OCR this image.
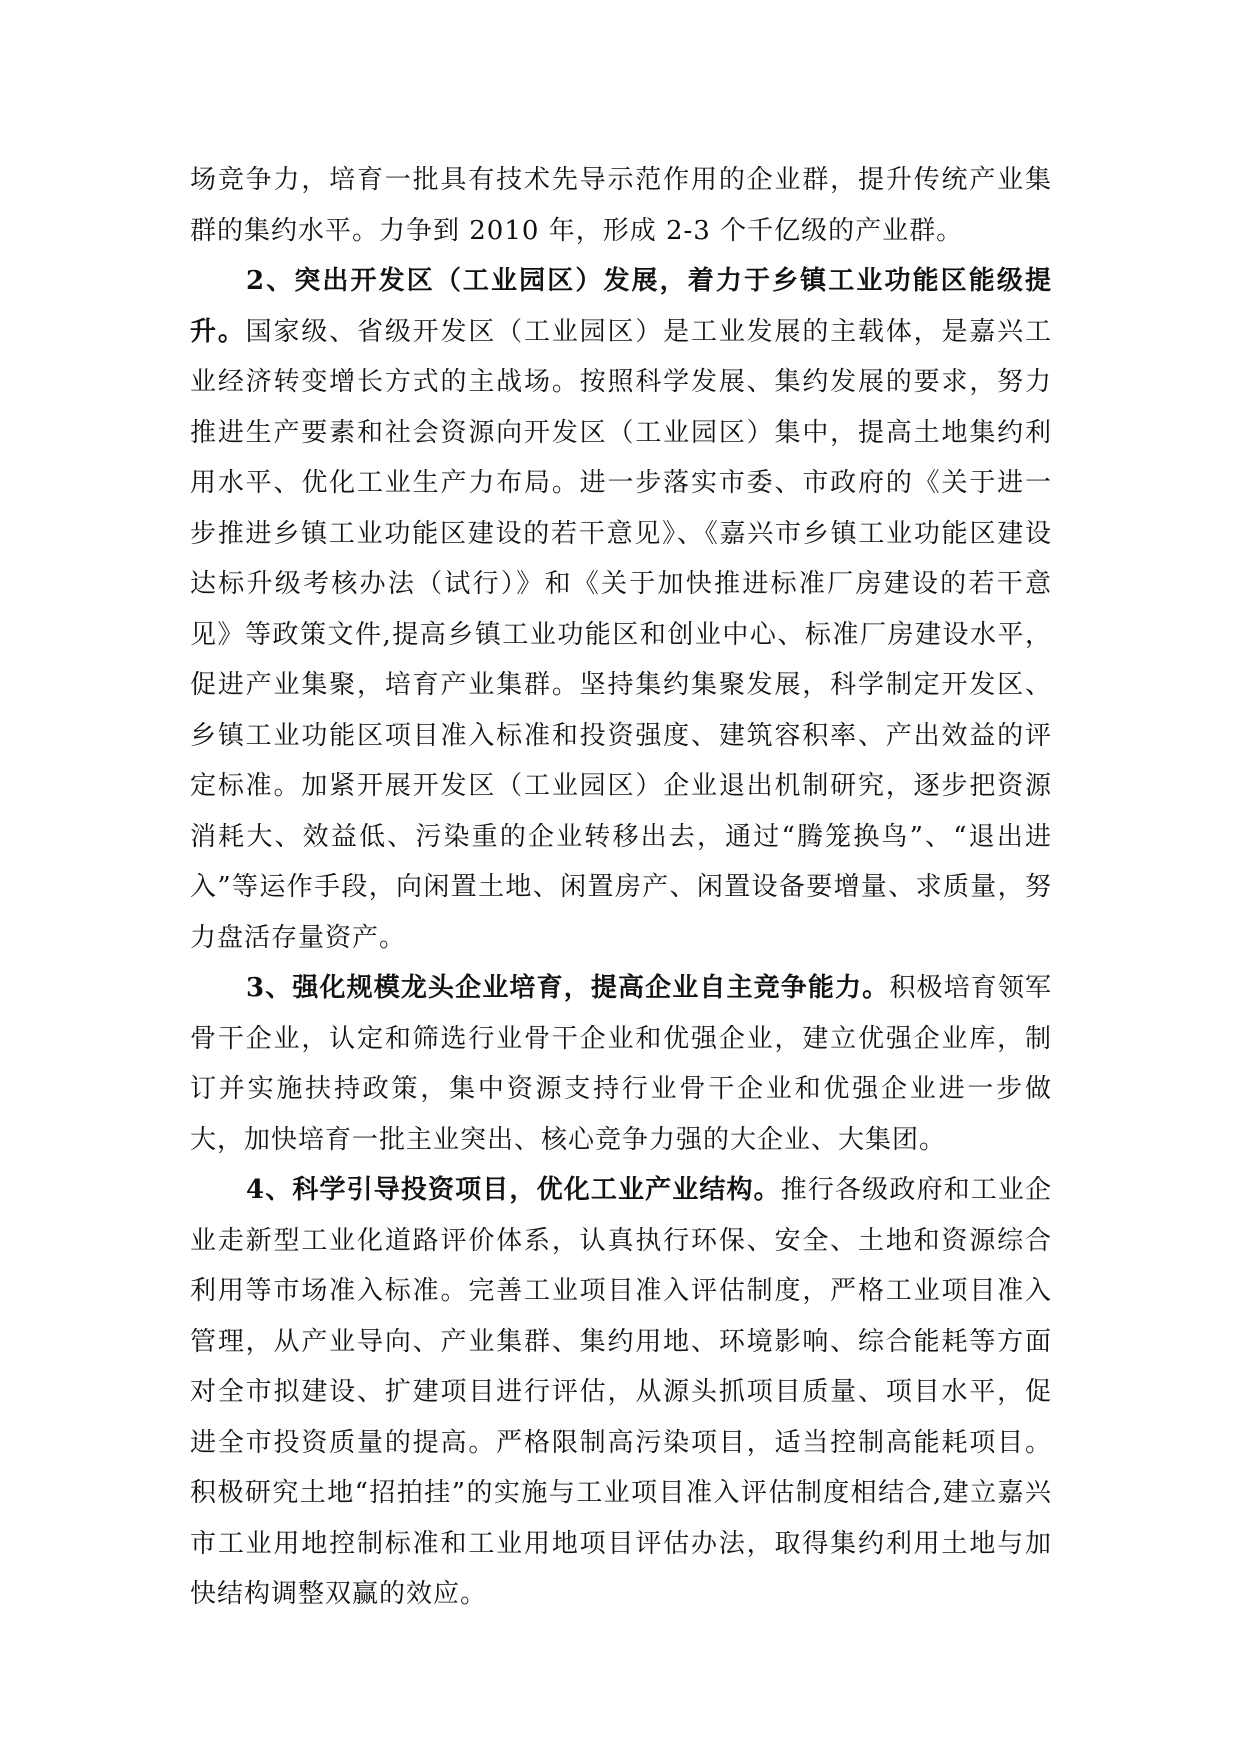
场竞争力，培育一批具有技术先导示范作用的企业群，提升传统产业集群的集约水平。力争到 2010 年，形成 2-3 个千亿级的产业群。

2、突出开发区（工业园区）发展，着力于乡镇工业功能区能级提升。国家级、省级开发区（工业园区）是工业发展的主载体，是嘉兴工业经济转变增长方式的主战场。按照科学发展、集约发展的要求，努力推进生产要素和社会资源向开发区（工业园区）集中，提高土地集约利用水平、优化工业生产力布局。进一步落实市委、市政府的《关于进一步推进乡镇工业功能区建设的若干意见》、《嘉兴市乡镇工业功能区建设达标升级考核办法（试行）》和《关于加快推进标准厂房建设的若干意见》等政策文件,提高乡镇工业功能区和创业中心、标准厂房建设水平，促进产业集聚，培育产业集群。坚持集约集聚发展，科学制定开发区、乡镇工业功能区项目准入标准和投资强度、建筑容积率、产出效益的评定标准。加紧开展开发区（工业园区）企业退出机制研究，逐步把资源消耗大、效益低、污染重的企业转移出去，通过“腾笼换鸟”、“退出进入”等运作手段，向闲置土地、闲置房产、闲置设备要增量、求质量，努力盘活存量资产。

3、强化规模龙头企业培育，提高企业自主竞争能力。积极培育领军骨干企业，认定和筛选行业骨干企业和优强企业，建立优强企业库，制订并实施扶持政策，集中资源支持行业骨干企业和优强企业进一步做大，加快培育一批主业突出、核心竞争力强的大企业、大集团。

4、科学引导投资项目，优化工业产业结构。推行各级政府和工业企业走新型工业化道路评价体系，认真执行环保、安全、土地和资源综合利用等市场准入标准。完善工业项目准入评估制度，严格工业项目准入管理，从产业导向、产业集群、集约用地、环境影响、综合能耗等方面对全市拟建设、扩建项目进行评估，从源头抓项目质量、项目水平，促进全市投资质量的提高。严格限制高污染项目，适当控制高能耗项目。积极研究土地“招拍挂”的实施与工业项目准入评估制度相结合,建立嘉兴市工业用地控制标准和工业用地项目评估办法，取得集约利用土地与加快结构调整双赢的效应。
